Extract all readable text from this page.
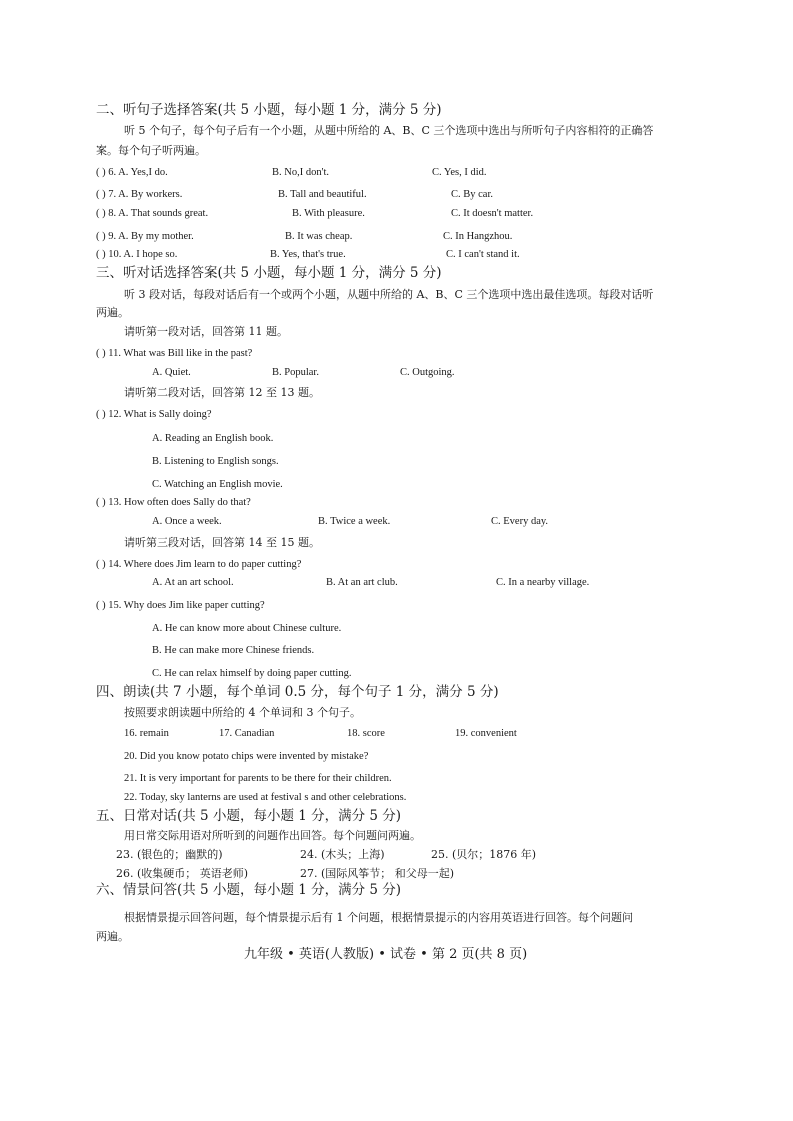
二、听句子选择答案(共 5 小题，每小题 1 分，满分 5 分)
听 5 个句子，每个句子后有一个小题，从题中所给的 A、B、C 三个选项中选出与所听句子内容相符的正确答
案。每个句子听两遍。
( ) 6. A. Yes,I do.	B. No,I don't.	C. Yes, I did.
( ) 7. A. By workers.	B. Tall and beautiful.	C. By car.
( ) 8. A. That sounds great.	B. With pleasure.	C. It doesn't matter.
( ) 9. A. By my mother.	B. It was cheap.	C. In Hangzhou.
( ) 10. A. I hope so.	B. Yes, that's true.	C. I can't stand it.
三、听对话选择答案(共 5 小题，每小题 1 分，满分 5 分)
听 3 段对话，每段对话后有一个或两个小题，从题中所给的 A、B、C 三个选项中选出最佳选项。每段对话听
两遍。
请听第一段对话，回答第 11 题。
( ) 11. What was Bill like in the past?
A. Quiet.	B. Popular.	C. Outgoing.
请听第二段对话，回答第 12 至 13 题。
( ) 12. What is Sally doing?
A. Reading an English book.
B. Listening to English songs.
C. Watching an English movie.
( ) 13. How often does Sally do that?
A. Once a week.	B. Twice a week.	C. Every day.
请听第三段对话，回答第 14 至 15 题。
( ) 14. Where does Jim learn to do paper cutting?
A. At an art school.	B. At an art club.	C. In a nearby village.
( ) 15. Why does Jim like paper cutting?
A. He can know more about Chinese culture.
B. He can make more Chinese friends.
C. He can relax himself by doing paper cutting.
四、朗读(共 7 小题，每个单词 0.5 分，每个句子 1 分，满分 5 分)
按照要求朗读题中所给的 4 个单词和 3 个句子。
16. remain	17. Canadian	18. score	19. convenient
20. Did you know potato chips were invented by mistake?
21. It is very important for parents to be there for their children.
22. Today, sky lanterns are used at festival s and other celebrations.
五、日常对话(共 5 小题，每小题 1 分，满分 5 分)
用日常交际用语对所听到的问题作出回答。每个问题问两遍。
23. (银色的；幽默的)	24. (木头；上海)	25. (贝尔；1876 年)
26. (收集硬币； 英语老师)	27. (国际风筝节； 和父母一起)
六、情景问答(共 5 小题，每小题 1 分，满分 5 分)
根据情景提示回答问题，每个情景提示后有 1 个问题，根据情景提示的内容用英语进行回答。每个问题问
两遍。
九年级 • 英语(人教版) • 试卷 • 第 2 页(共 8 页)
